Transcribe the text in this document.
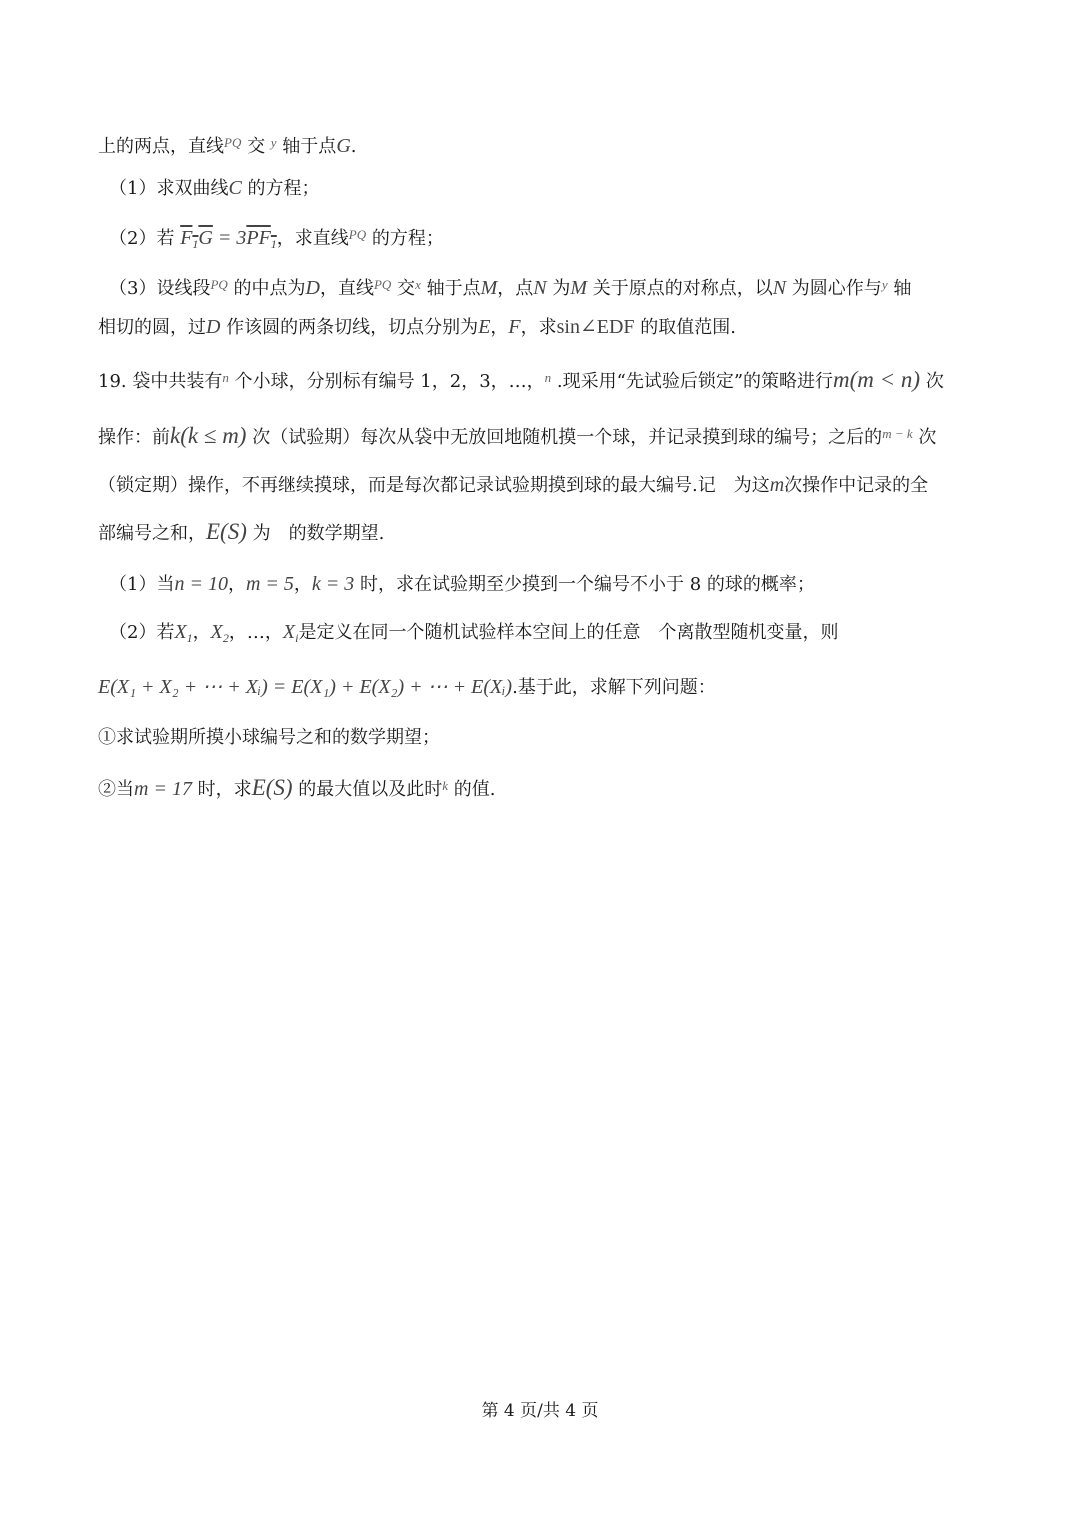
上的两点，直线$^{PQ}$ 交 $^y$ 轴于点G.
（1）求双曲线C 的方程；
（2）若 $F_1G = 3PF_1$，求直线$^{PQ}$ 的方程；
（3）设线段$^{PQ}$ 的中点为D，直线$^{PQ}$ 交$^x$ 轴于点M，点N 为M 关于原点的对称点，以N 为圆心作与$^y$ 轴
相切的圆，过D 作该圆的两条切线，切点分别为E，F，求sin∠EDF 的取值范围.
19. 袋中共装有$^n$ 个小球，分别标有编号 1，2，3，…，$^n$ .现采用“先试验后锁定”的策略进行m(m < n) 次
操作：前k(k ≤ m) 次（试验期）每次从袋中无放回地随机摸一个球，并记录摸到球的编号；之后的$^{m - k}$ 次
（锁定期）操作，不再继续摸球，而是每次都记录试验期摸到球的最大编号.记　为这m次操作中记录的全
部编号之和，E(S) 为　的数学期望.
（1）当n = 10，m = 5，k = 3 时，求在试验期至少摸到一个编号不小于 8 的球的概率；
（2）若$X_1$，$X_2$，…，$X_i$是定义在同一个随机试验样本空间上的任意　个离散型随机变量，则
E(X₁ + X₂ + ⋯ + Xᵢ) = E(X₁) + E(X₂) + ⋯ + E(Xᵢ).基于此，求解下列问题：
①求试验期所摸小球编号之和的数学期望；
②当m = 17 时，求E(S) 的最大值以及此时$^k$ 的值.
第 4 页/共 4 页
